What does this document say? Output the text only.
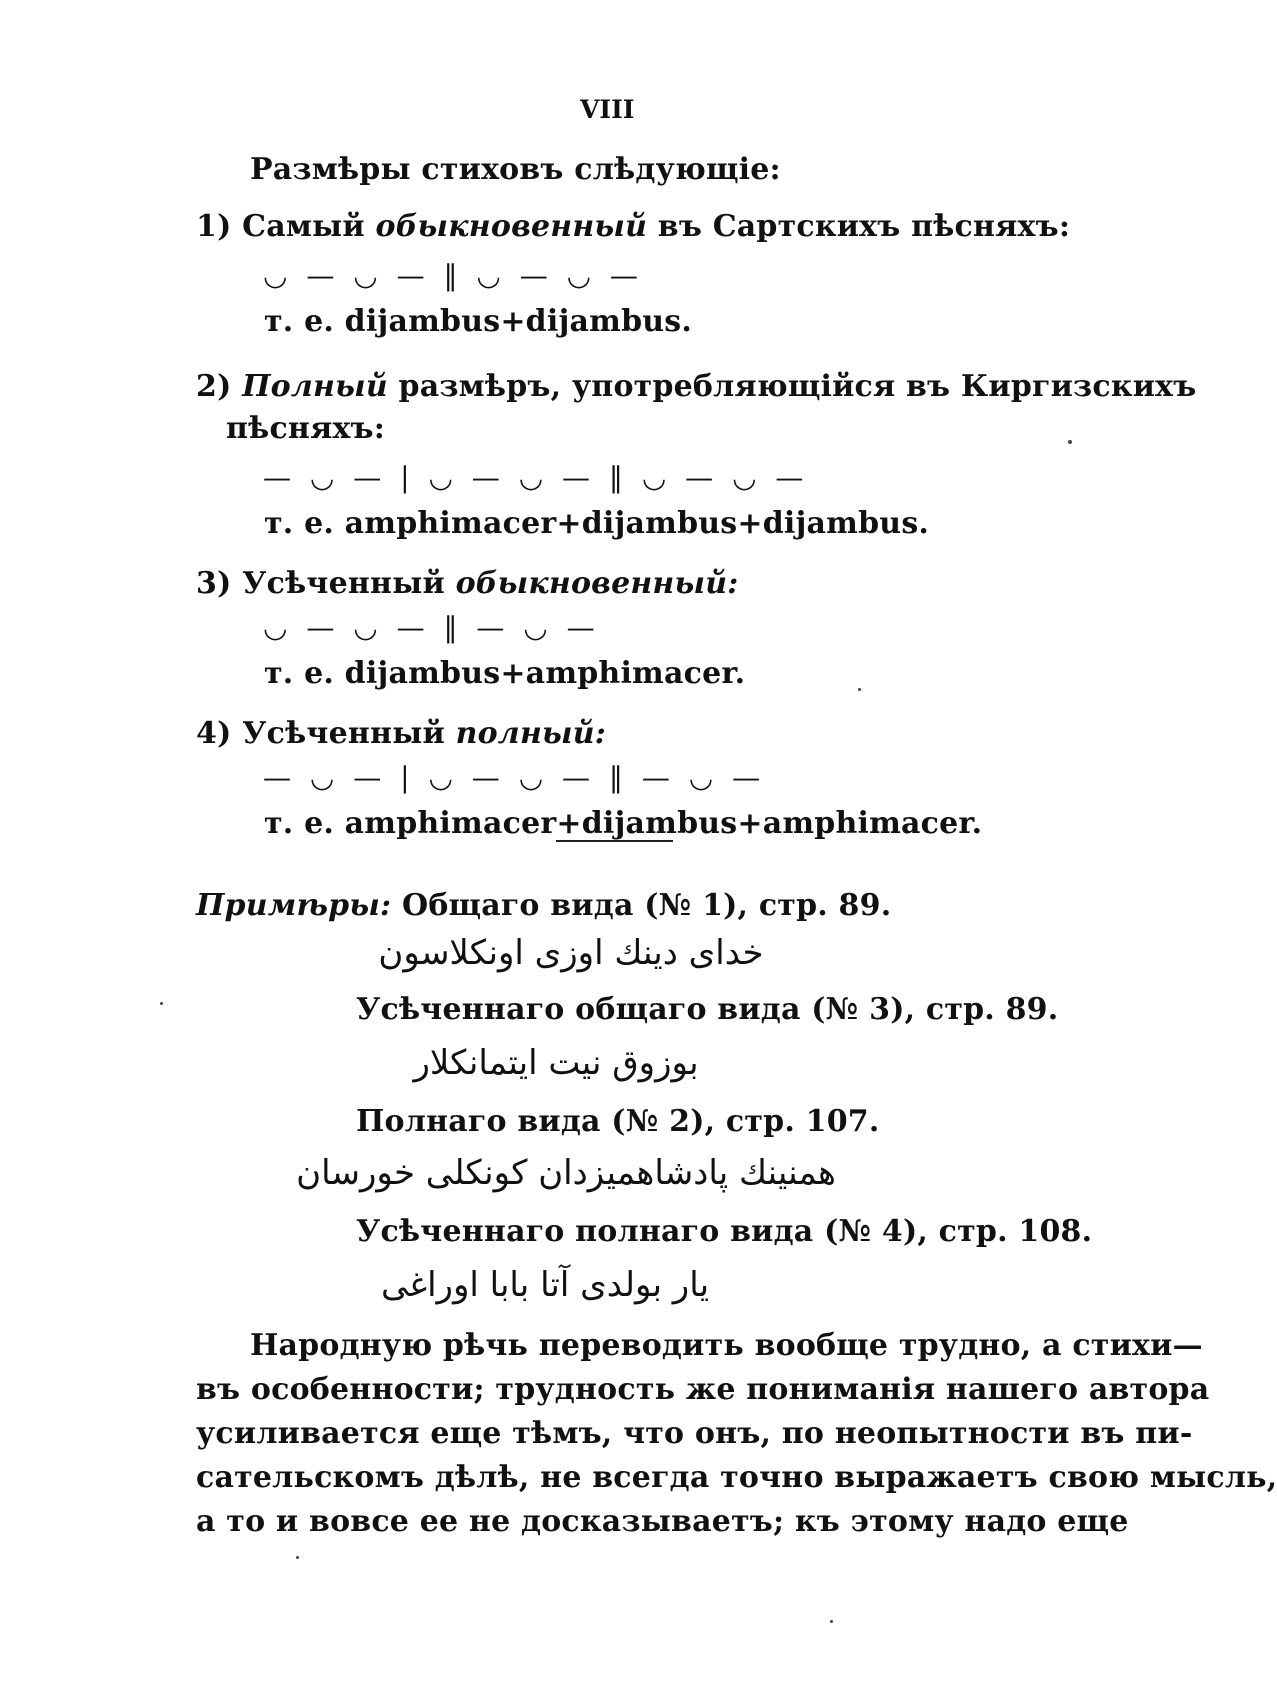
VIII
Размѣры стиховъ слѣдующіе:
1) Самый обыкновенный въ Сартскихъ пѣсняхъ:
◡ — ◡ — ‖ ◡ — ◡ —
т. е. dijambus+dijambus.
2) Полный размѣръ, употребляющійся въ Киргизскихъ
пѣсняхъ:
— ◡ — | ◡ — ◡ — ‖ ◡ — ◡ —
т. е. amphimacer+dijambus+dijambus.
3) Усѣченный обыкновенный:
◡ — ◡ — ‖ — ◡ —
т. е. dijambus+amphimacer.
4) Усѣченный полный:
— ◡ — | ◡ — ◡ — ‖ — ◡ —
т. е. amphimacer+dijambus+amphimacer.
Примѣры: Общаго вида (№ 1), стр. 89.
خدای دینك اوزی اونكلاسون
Усѣченнаго общаго вида (№ 3), стр. 89.
بوزوق نیت ایتمانكلار
Полнаго вида (№ 2), стр. 107.
همنینك پادشاهمیزدان كونكلی خورسان
Усѣченнаго полнаго вида (№ 4), стр. 108.
یار بولدی آتا بابا اوراغی
Народную рѣчь переводить вообще трудно, а стихи—
въ особенности; трудность же пониманія нашего автора
усиливается еще тѣмъ, что онъ, по неопытности въ пи-
сательскомъ дѣлѣ, не всегда точно выражаетъ свою мысль,
а то и вовсе ее не досказываетъ; къ этому надо еще
